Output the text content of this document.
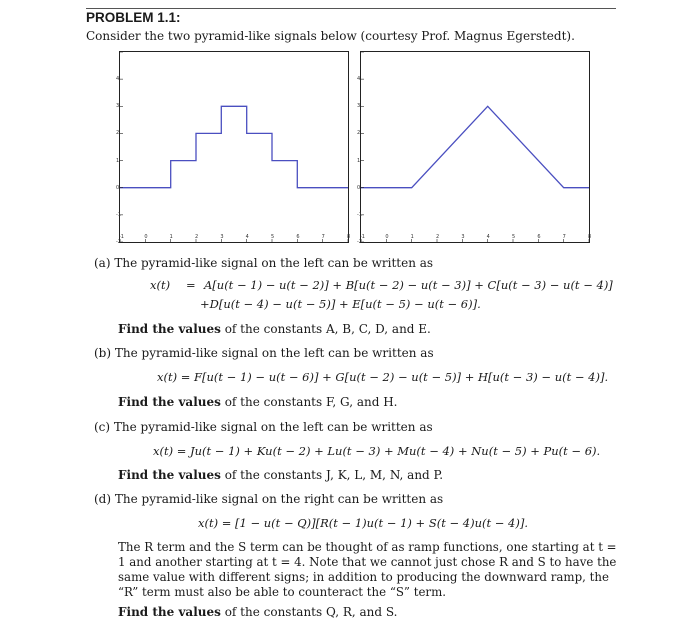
PROBLEM 1.1:
Consider the two pyramid-like signals below (courtesy Prof. Magnus Egerstedt).
4
3
2
1
0
-1
-2
-1	0	1	2	3	4	5	6	7	8
4
3
2
1
0
-1
-2
-1	0	1	2	3	4	5	6	7	8
(a) The pyramid-like signal on the left can be written as
x(t) = A[u(t − 1) − u(t − 2)] + B[u(t − 2) − u(t − 3)] + C[u(t − 3) − u(t − 4)]
+D[u(t − 4) − u(t − 5)] + E[u(t − 5) − u(t − 6)].
Find the values of the constants A, B, C, D, and E.
(b) The pyramid-like signal on the left can be written as
x(t) = F[u(t − 1) − u(t − 6)] + G[u(t − 2) − u(t − 5)] + H[u(t − 3) − u(t − 4)].
Find the values of the constants F, G, and H.
(c) The pyramid-like signal on the left can be written as
x(t) = Ju(t − 1) + Ku(t − 2) + Lu(t − 3) + Mu(t − 4) + Nu(t − 5) + Pu(t − 6).
Find the values of the constants J, K, L, M, N, and P.
(d) The pyramid-like signal on the right can be written as
x(t) = [1 − u(t − Q)][R(t − 1)u(t − 1) + S(t − 4)u(t − 4)].
The R term and the S term can be thought of as ramp functions, one starting at t = 1 and another starting at t = 4. Note that we cannot just chose R and S to have the same value with different signs; in addition to producing the downward ramp, the “R” term must also be able to counteract the “S” term.
Find the values of the constants Q, R, and S.
